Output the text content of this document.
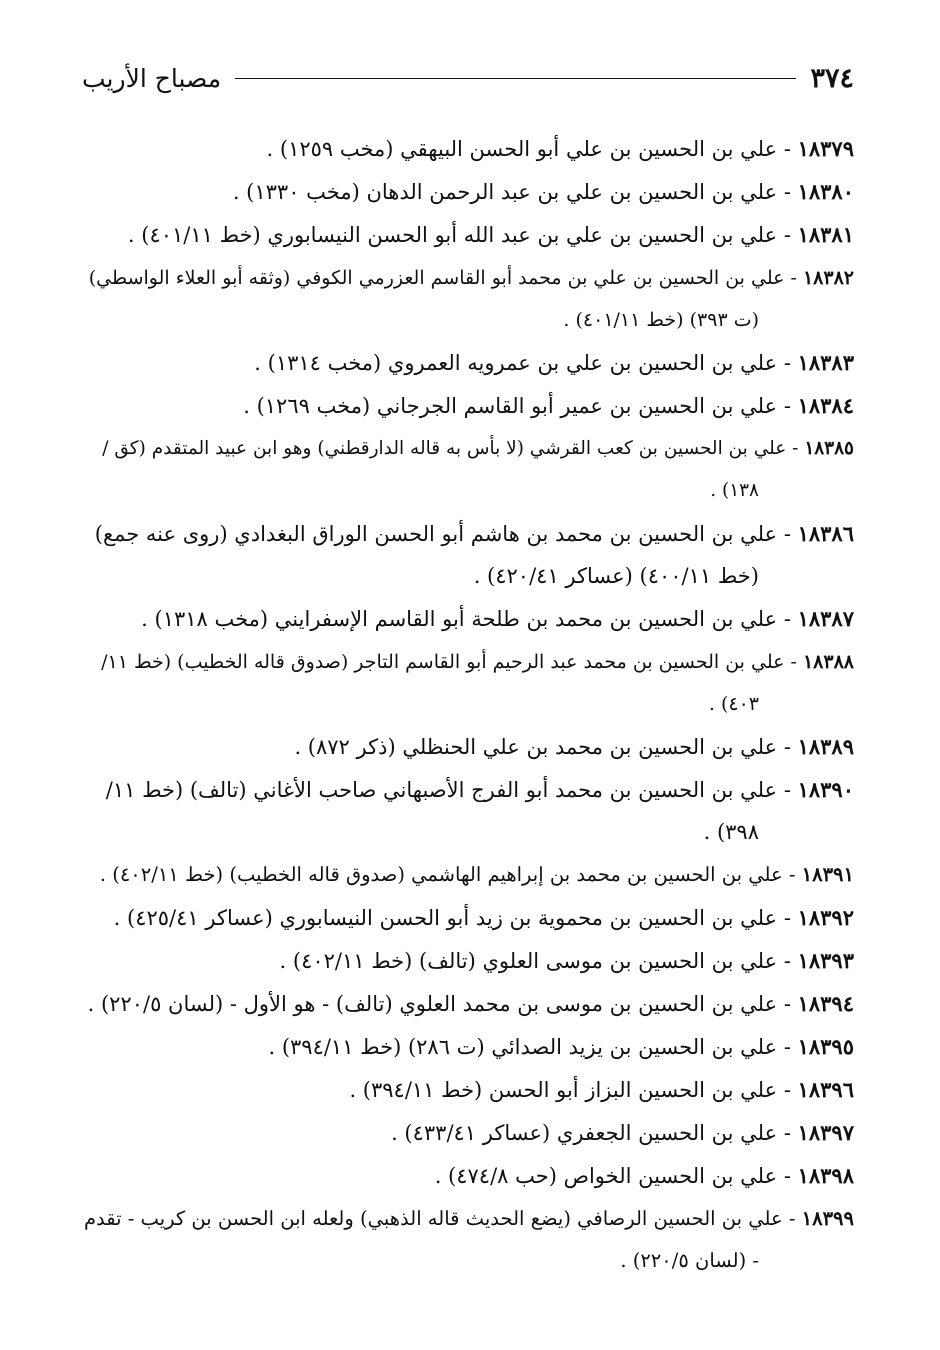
٣٧٤
مصباح الأريب
١٨٣٧٩ - علي بن الحسين بن علي أبو الحسن البيهقي (مخب ١٢٥٩) .
١٨٣٨٠ - علي بن الحسين بن علي بن عبد الرحمن الدهان (مخب ١٣٣٠) .
١٨٣٨١ - علي بن الحسين بن علي بن عبد الله أبو الحسن النيسابوري (خط ٤٠١/١١) .
١٨٣٨٢ - علي بن الحسين بن علي بن محمد أبو القاسم العزرمي الكوفي (وثقه أبو العلاء الواسطي)
(ت ٣٩٣) (خط ٤٠١/١١) .
١٨٣٨٣ - علي بن الحسين بن علي بن عمرويه العمروي (مخب ١٣١٤) .
١٨٣٨٤ - علي بن الحسين بن عمير أبو القاسم الجرجاني (مخب ١٢٦٩) .
١٨٣٨٥ - علي بن الحسين بن كعب القرشي (لا بأس به قاله الدارقطني) وهو ابن عبيد المتقدم (كق /
١٣٨) .
١٨٣٨٦ - علي بن الحسين بن محمد بن هاشم أبو الحسن الوراق البغدادي (روى عنه جمع)
(خط ٤٠٠/١١) (عساكر ٤٢٠/٤١) .
١٨٣٨٧ - علي بن الحسين بن محمد بن طلحة أبو القاسم الإسفرايني (مخب ١٣١٨) .
١٨٣٨٨ - علي بن الحسين بن محمد عبد الرحيم أبو القاسم التاجر (صدوق قاله الخطيب) (خط ١١/
٤٠٣) .
١٨٣٨٩ - علي بن الحسين بن محمد بن علي الحنظلي (ذكر ٨٧٢) .
١٨٣٩٠ - علي بن الحسين بن محمد أبو الفرج الأصبهاني صاحب الأغاني (تالف) (خط ١١/
٣٩٨) .
١٨٣٩١ - علي بن الحسين بن محمد بن إبراهيم الهاشمي (صدوق قاله الخطيب) (خط ٤٠٢/١١) .
١٨٣٩٢ - علي بن الحسين بن محموية بن زيد أبو الحسن النيسابوري (عساكر ٤٢٥/٤١) .
١٨٣٩٣ - علي بن الحسين بن موسى العلوي (تالف) (خط ٤٠٢/١١) .
١٨٣٩٤ - علي بن الحسين بن موسى بن محمد العلوي (تالف) - هو الأول - (لسان ٢٢٠/٥) .
١٨٣٩٥ - علي بن الحسين بن يزيد الصدائي (ت ٢٨٦) (خط ٣٩٤/١١) .
١٨٣٩٦ - علي بن الحسين البزاز أبو الحسن (خط ٣٩٤/١١) .
١٨٣٩٧ - علي بن الحسين الجعفري (عساكر ٤٣٣/٤١) .
١٨٣٩٨ - علي بن الحسين الخواص (حب ٤٧٤/٨) .
١٨٣٩٩ - علي بن الحسين الرصافي (يضع الحديث قاله الذهبي) ولعله ابن الحسن بن كريب - تقدم
- (لسان ٢٢٠/٥) .
